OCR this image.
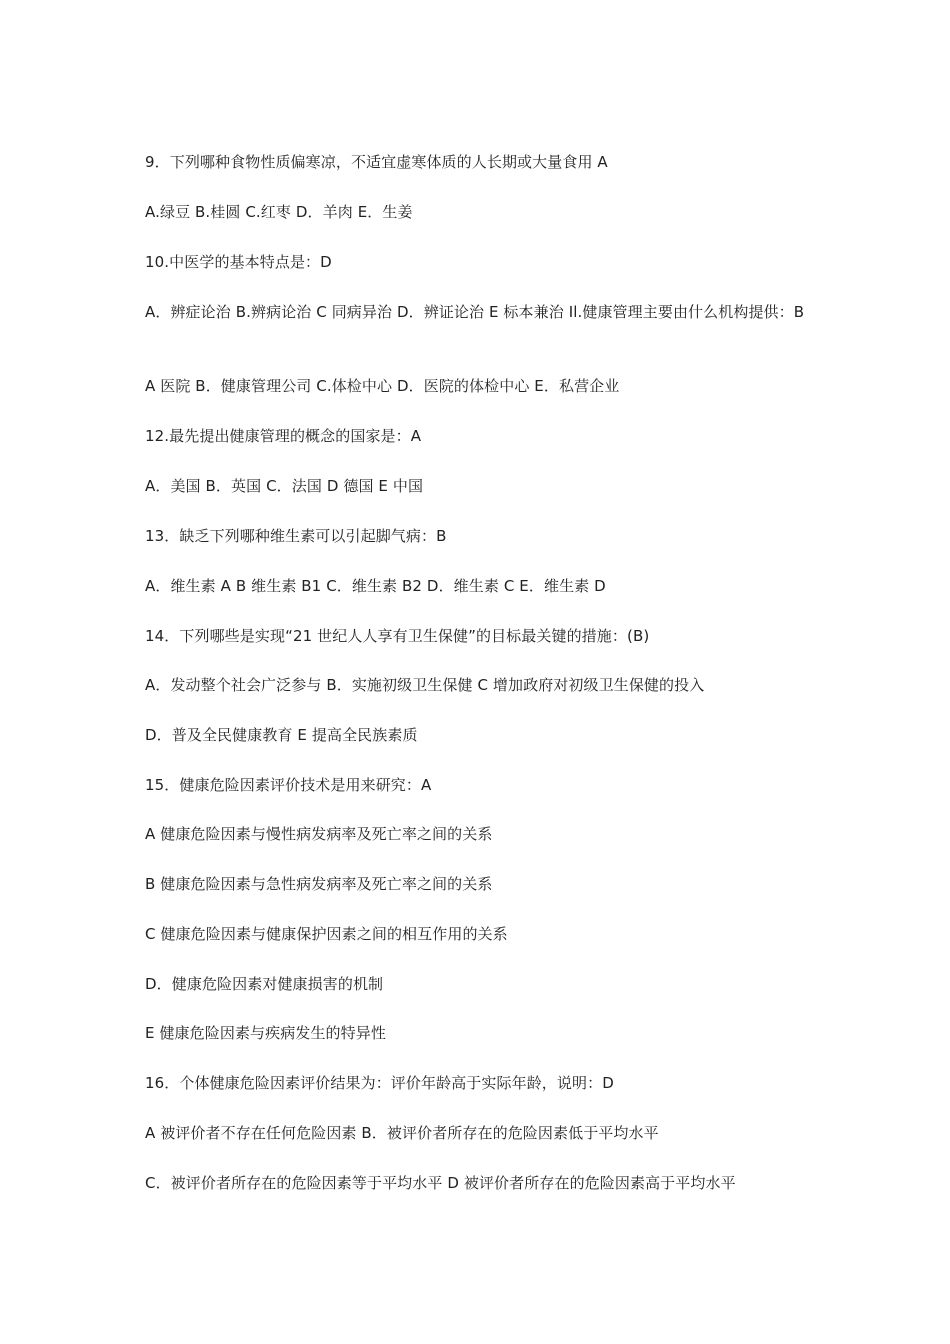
9．下列哪种食物性质偏寒凉，不适宜虚寒体质的人长期或大量食用 A
A.绿豆 B.桂圆 C.红枣 D．羊肉 E．生姜
10.中医学的基本特点是：D
A．辨症论治 B.辨病论治 C 同病异治 D．辨证论治 E 标本兼治 Il.健康管理主要由什么机构提供：B
A 医院 B．健康管理公司 C.体检中心 D．医院的体检中心 E．私营企业
12.最先提出健康管理的概念的国家是：A
A．美国 B．英国 C．法国 D 德国 E 中国
13．缺乏下列哪种维生素可以引起脚气病：B
A．维生素 A B 维生素 B1 C．维生素 B2 D．维生素 C E．维生素 D
14．下列哪些是实现“21 世纪人人享有卫生保健”的目标最关键的措施：(B)
A．发动整个社会广泛参与 B．实施初级卫生保健 C 增加政府对初级卫生保健的投入
D．普及全民健康教育 E 提高全民族素质
15．健康危险因素评价技术是用来研究：A
A 健康危险因素与慢性病发病率及死亡率之间的关系
B 健康危险因素与急性病发病率及死亡率之间的关系
C 健康危险因素与健康保护因素之间的相互作用的关系
D．健康危险因素对健康损害的机制
E 健康危险因素与疾病发生的特异性
16．个体健康危险因素评价结果为：评价年龄高于实际年龄，说明：D
A 被评价者不存在任何危险因素 B．被评价者所存在的危险因素低于平均水平
C．被评价者所存在的危险因素等于平均水平 D 被评价者所存在的危险因素高于平均水平
